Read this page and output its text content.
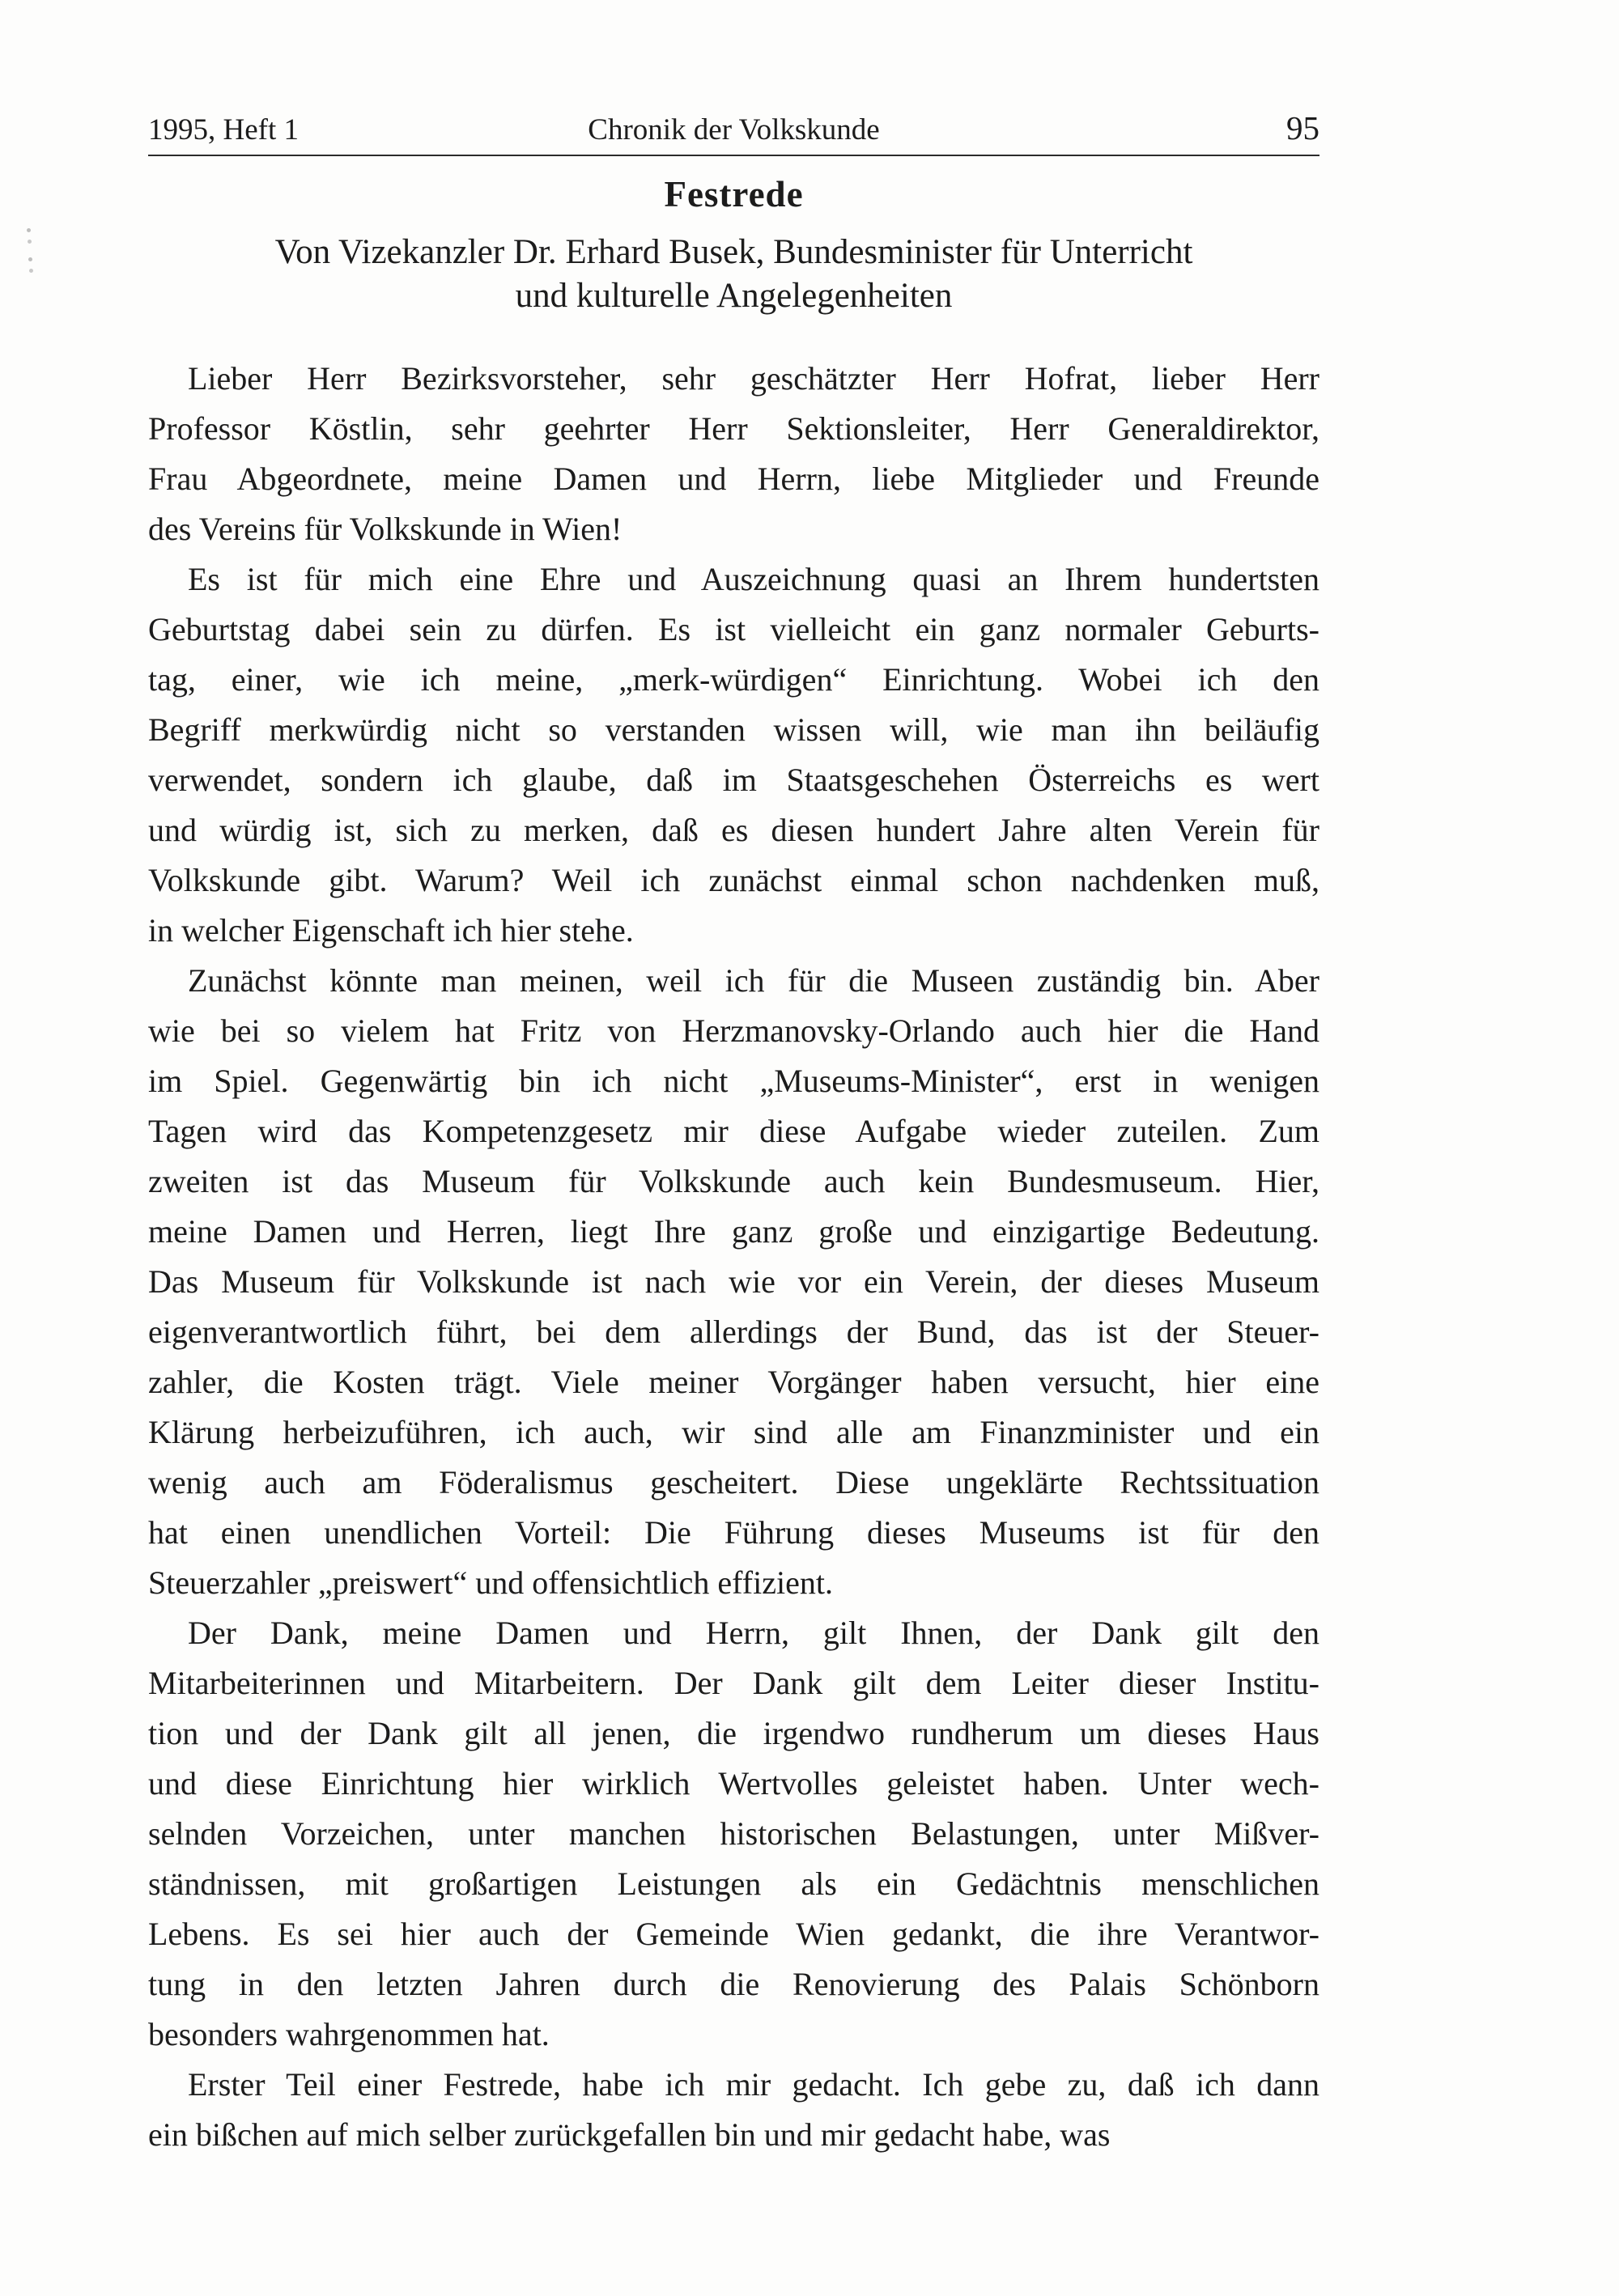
1995, Heft 1	Chronik der Volkskunde	95
Festrede
Von Vizekanzler Dr. Erhard Busek, Bundesminister für Unterricht
und kulturelle Angelegenheiten
Lieber Herr Bezirksvorsteher, sehr geschätzter Herr Hofrat, lieber Herr
Professor Köstlin, sehr geehrter Herr Sektionsleiter, Herr Generaldirektor,
Frau Abgeordnete, meine Damen und Herrn, liebe Mitglieder und Freunde
des Vereins für Volkskunde in Wien!
Es ist für mich eine Ehre und Auszeichnung quasi an Ihrem hundertsten
Geburtstag dabei sein zu dürfen. Es ist vielleicht ein ganz normaler Geburts-
tag, einer, wie ich meine, „merk-würdigen“ Einrichtung. Wobei ich den
Begriff merkwürdig nicht so verstanden wissen will, wie man ihn beiläufig
verwendet, sondern ich glaube, daß im Staatsgeschehen Österreichs es wert
und würdig ist, sich zu merken, daß es diesen hundert Jahre alten Verein für
Volkskunde gibt. Warum? Weil ich zunächst einmal schon nachdenken muß,
in welcher Eigenschaft ich hier stehe.
Zunächst könnte man meinen, weil ich für die Museen zuständig bin. Aber
wie bei so vielem hat Fritz von Herzmanovsky-Orlando auch hier die Hand
im Spiel. Gegenwärtig bin ich nicht „Museums-Minister“, erst in wenigen
Tagen wird das Kompetenzgesetz mir diese Aufgabe wieder zuteilen. Zum
zweiten ist das Museum für Volkskunde auch kein Bundesmuseum. Hier,
meine Damen und Herren, liegt Ihre ganz große und einzigartige Bedeutung.
Das Museum für Volkskunde ist nach wie vor ein Verein, der dieses Museum
eigenverantwortlich führt, bei dem allerdings der Bund, das ist der Steuer-
zahler, die Kosten trägt. Viele meiner Vorgänger haben versucht, hier eine
Klärung herbeizuführen, ich auch, wir sind alle am Finanzminister und ein
wenig auch am Föderalismus gescheitert. Diese ungeklärte Rechtssituation
hat einen unendlichen Vorteil: Die Führung dieses Museums ist für den
Steuerzahler „preiswert“ und offensichtlich effizient.
Der Dank, meine Damen und Herrn, gilt Ihnen, der Dank gilt den
Mitarbeiterinnen und Mitarbeitern. Der Dank gilt dem Leiter dieser Institu-
tion und der Dank gilt all jenen, die irgendwo rundherum um dieses Haus
und diese Einrichtung hier wirklich Wertvolles geleistet haben. Unter wech-
selnden Vorzeichen, unter manchen historischen Belastungen, unter Mißver-
ständnissen, mit großartigen Leistungen als ein Gedächtnis menschlichen
Lebens. Es sei hier auch der Gemeinde Wien gedankt, die ihre Verantwor-
tung in den letzten Jahren durch die Renovierung des Palais Schönborn
besonders wahrgenommen hat.
Erster Teil einer Festrede, habe ich mir gedacht. Ich gebe zu, daß ich dann
ein bißchen auf mich selber zurückgefallen bin und mir gedacht habe, was
